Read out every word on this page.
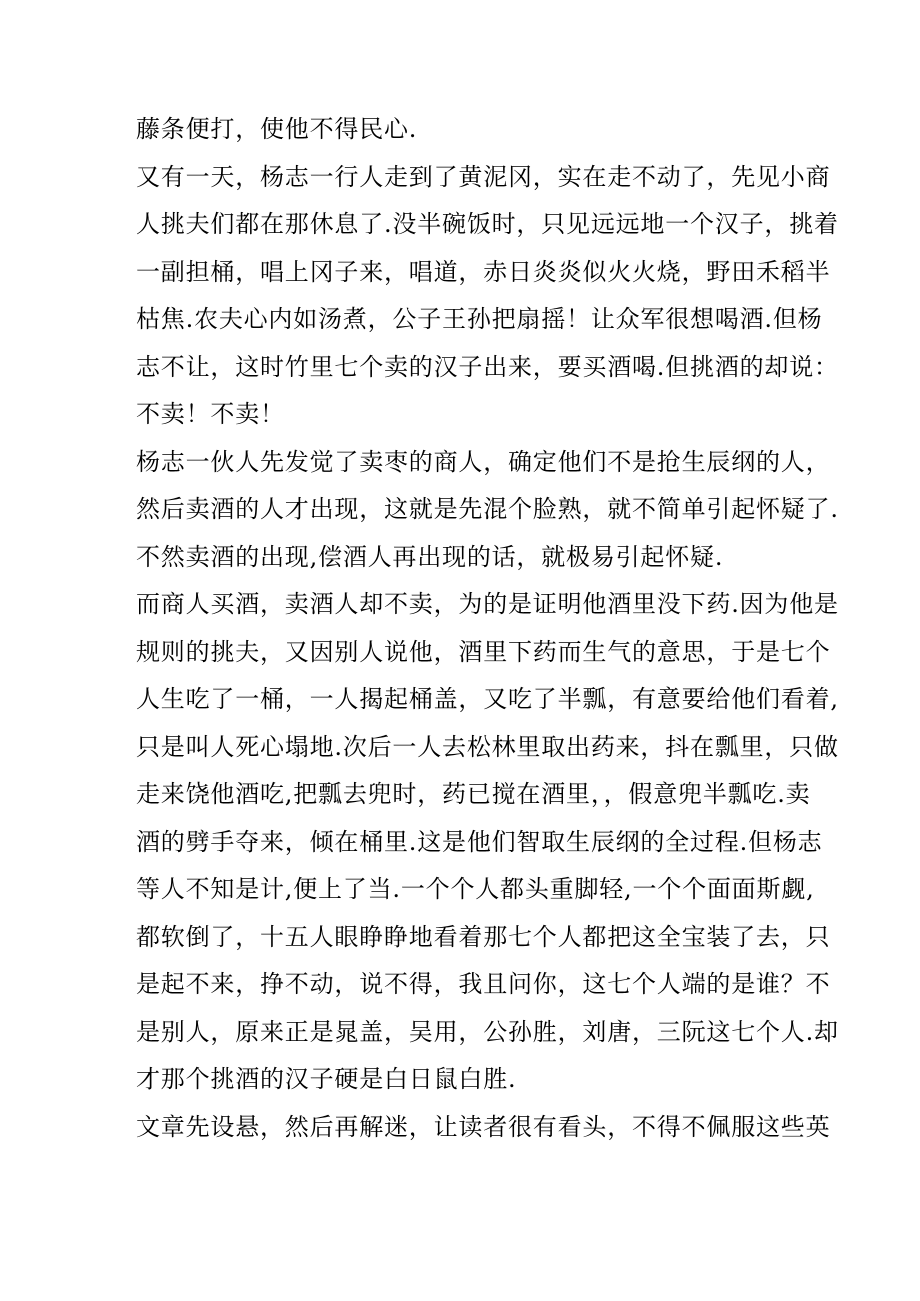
藤条便打，使他不得民心.
又有一天，杨志一行人走到了黄泥冈，实在走不动了，先见小商
人挑夫们都在那休息了.没半碗饭时，只见远远地一个汉子，挑着
一副担桶，唱上冈子来，唱道，赤日炎炎似火火烧，野田禾稻半
枯焦.农夫心内如汤煮，公子王孙把扇摇！让众军很想喝酒.但杨
志不让，这时竹里七个卖的汉子出来，要买酒喝.但挑酒的却说：
不卖！不卖！
杨志一伙人先发觉了卖枣的商人，确定他们不是抢生辰纲的人，
然后卖酒的人才出现，这就是先混个脸熟，就不简单引起怀疑了.
不然卖酒的出现,偿酒人再出现的话，就极易引起怀疑.
而商人买酒，卖酒人却不卖，为的是证明他酒里没下药.因为他是
规则的挑夫，又因别人说他，酒里下药而生气的意思，于是七个
人生吃了一桶，一人揭起桶盖，又吃了半瓢，有意要给他们看着,
只是叫人死心塌地.次后一人去松林里取出药来，抖在瓢里，只做
走来饶他酒吃,把瓢去兜时，药已搅在酒里，，假意兜半瓢吃.卖
酒的劈手夺来，倾在桶里.这是他们智取生辰纲的全过程.但杨志
等人不知是计,便上了当.一个个人都头重脚轻,一个个面面斯觑,
都软倒了，十五人眼睁睁地看着那七个人都把这全宝装了去，只
是起不来，挣不动，说不得，我且问你，这七个人端的是谁？不
是别人，原来正是晁盖，吴用，公孙胜，刘唐，三阮这七个人.却
才那个挑酒的汉子硬是白日鼠白胜.
文章先设悬，然后再解迷，让读者很有看头，不得不佩服这些英
